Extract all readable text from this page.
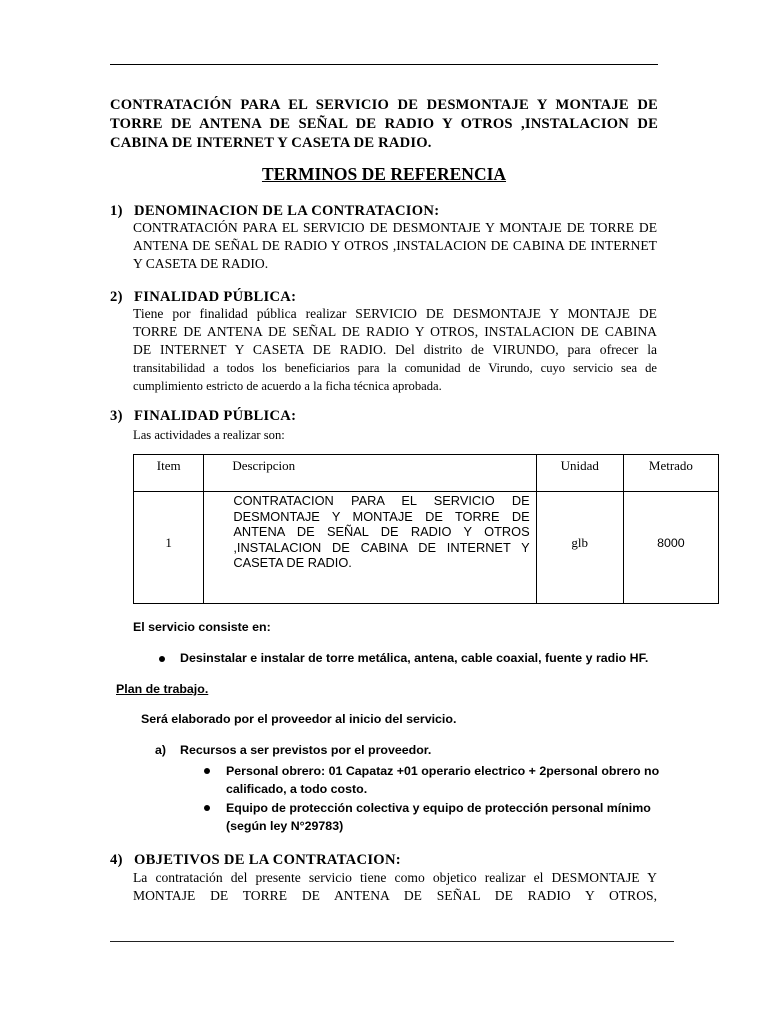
CONTRATACIÓN PARA EL SERVICIO DE DESMONTAJE Y MONTAJE DE TORRE DE ANTENA DE SEÑAL DE RADIO Y OTROS ,INSTALACION DE CABINA DE INTERNET Y CASETA DE RADIO.
TERMINOS DE REFERENCIA
1) DENOMINACION DE LA CONTRATACION:
CONTRATACIÓN PARA EL SERVICIO DE DESMONTAJE Y MONTAJE DE TORRE DE ANTENA DE SEÑAL DE RADIO Y OTROS ,INSTALACION DE CABINA DE INTERNET Y CASETA DE RADIO.
2) FINALIDAD PÚBLICA:
Tiene por finalidad pública realizar SERVICIO DE DESMONTAJE Y MONTAJE DE
TORRE DE ANTENA DE SEÑAL DE RADIO Y OTROS, INSTALACION DE CABINA
DE INTERNET Y CASETA DE RADIO. Del distrito de VIRUNDO, para ofrecer la
transitabilidad a todos los beneficiarios para la comunidad de Virundo, cuyo servicio sea de cumplimiento estricto de acuerdo a la ficha técnica aprobada.
3) FINALIDAD PÚBLICA:
Las actividades a realizar son:
Item	Descripcion	Unidad	Metrado
1	CONTRATACION PARA EL SERVICIO DE DESMONTAJE Y MONTAJE DE TORRE DE ANTENA DE SEÑAL DE RADIO Y OTROS ,INSTALACION DE CABINA DE INTERNET Y CASETA DE RADIO.	glb	8000
El servicio consiste en:
Desinstalar e instalar de torre metálica, antena, cable coaxial, fuente y radio HF.
Plan de trabajo.
Será elaborado por el proveedor al inicio del servicio.
a) Recursos a ser previstos por el proveedor.
Personal obrero: 01 Capataz +01 operario electrico + 2personal obrero no calificado, a todo costo.
Equipo de protección colectiva y equipo de protección personal mínimo (según ley N°29783)
4) OBJETIVOS DE LA CONTRATACION:
La contratación del presente servicio tiene como objetico realizar el DESMONTAJE Y
MONTAJE DE TORRE DE ANTENA DE SEÑAL DE RADIO Y OTROS,
